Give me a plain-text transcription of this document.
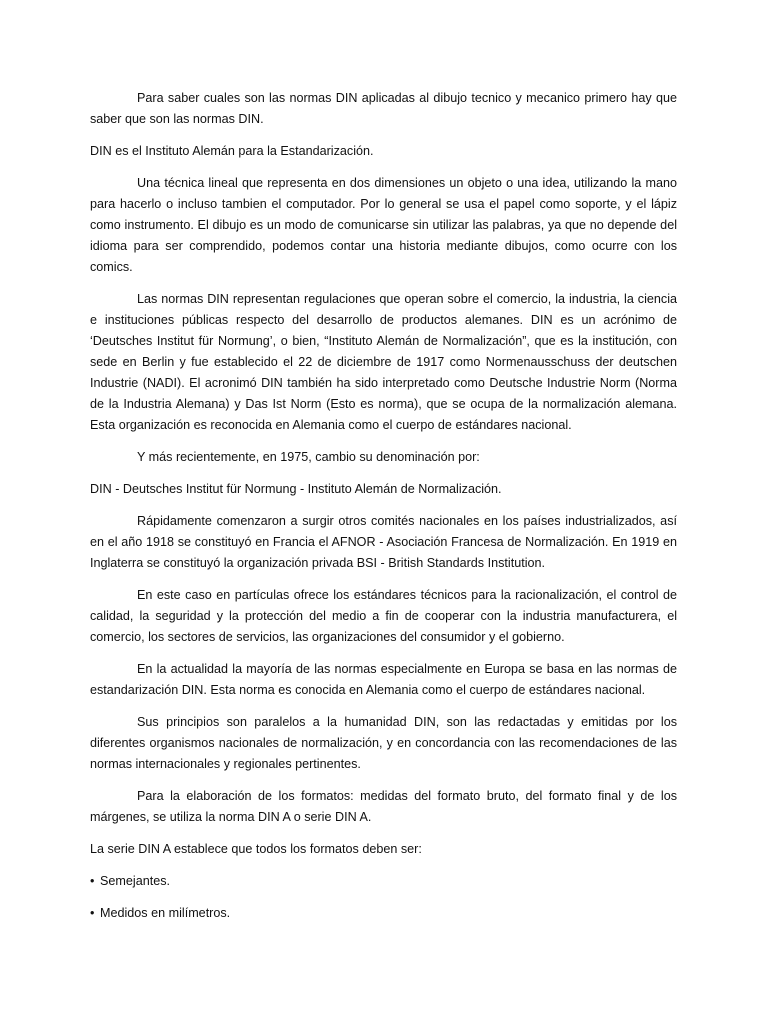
Para saber cuales son las normas DIN aplicadas al dibujo tecnico y mecanico primero hay que saber que son las normas DIN.

DIN es el Instituto Alemán para la Estandarización.

Una técnica lineal que representa en dos dimensiones un objeto o una idea, utilizando la mano para hacerlo o incluso tambien el computador. Por lo general se usa el papel como soporte, y el lápiz como instrumento. El dibujo es un modo de comunicarse sin utilizar las palabras, ya que no depende del idioma para ser comprendido, podemos contar una historia mediante dibujos, como ocurre con los comics.

Las normas DIN representan regulaciones que operan sobre el comercio, la industria, la ciencia e instituciones públicas respecto del desarrollo de productos alemanes. DIN es un acrónimo de ‘Deutsches Institut für Normung’, o bien, “Instituto Alemán de Normalización”, que es la institución, con sede en Berlin y fue establecido el 22 de diciembre de 1917 como Normenausschuss der deutschen Industrie (NADI). El acronimó DIN también ha sido interpretado como Deutsche Industrie Norm (Norma de la Industria Alemana) y Das Ist Norm (Esto es norma), que se ocupa de la normalización alemana. Esta organización es reconocida en Alemania como el cuerpo de estándares nacional.

Y más recientemente, en 1975, cambio su denominación por:

DIN - Deutsches Institut für Normung - Instituto Alemán de Normalización.

Rápidamente comenzaron a surgir otros comités nacionales en los países industrializados, así en el año 1918 se constituyó en Francia el AFNOR - Asociación Francesa de Normalización. En 1919 en Inglaterra se constituyó la organización privada BSI - British Standards Institution.

En este caso en partículas ofrece los estándares técnicos para la racionalización, el control de calidad, la seguridad y la protección del medio a fin de cooperar con la industria manufacturera, el comercio, los sectores de servicios, las organizaciones del consumidor y el gobierno.

En la actualidad la mayoría de las normas especialmente en Europa se basa en las normas de estandarización DIN. Esta norma es conocida en Alemania como el cuerpo de estándares nacional.

Sus principios son paralelos a la humanidad DIN, son las redactadas y emitidas por los diferentes organismos nacionales de normalización, y en concordancia con las recomendaciones de las normas internacionales y regionales pertinentes.

Para la elaboración de los formatos: medidas del formato bruto, del formato final y de los márgenes, se utiliza la norma DIN A o serie DIN A.

La serie DIN A establece que todos los formatos deben ser:

• Semejantes.

• Medidos en milímetros.
